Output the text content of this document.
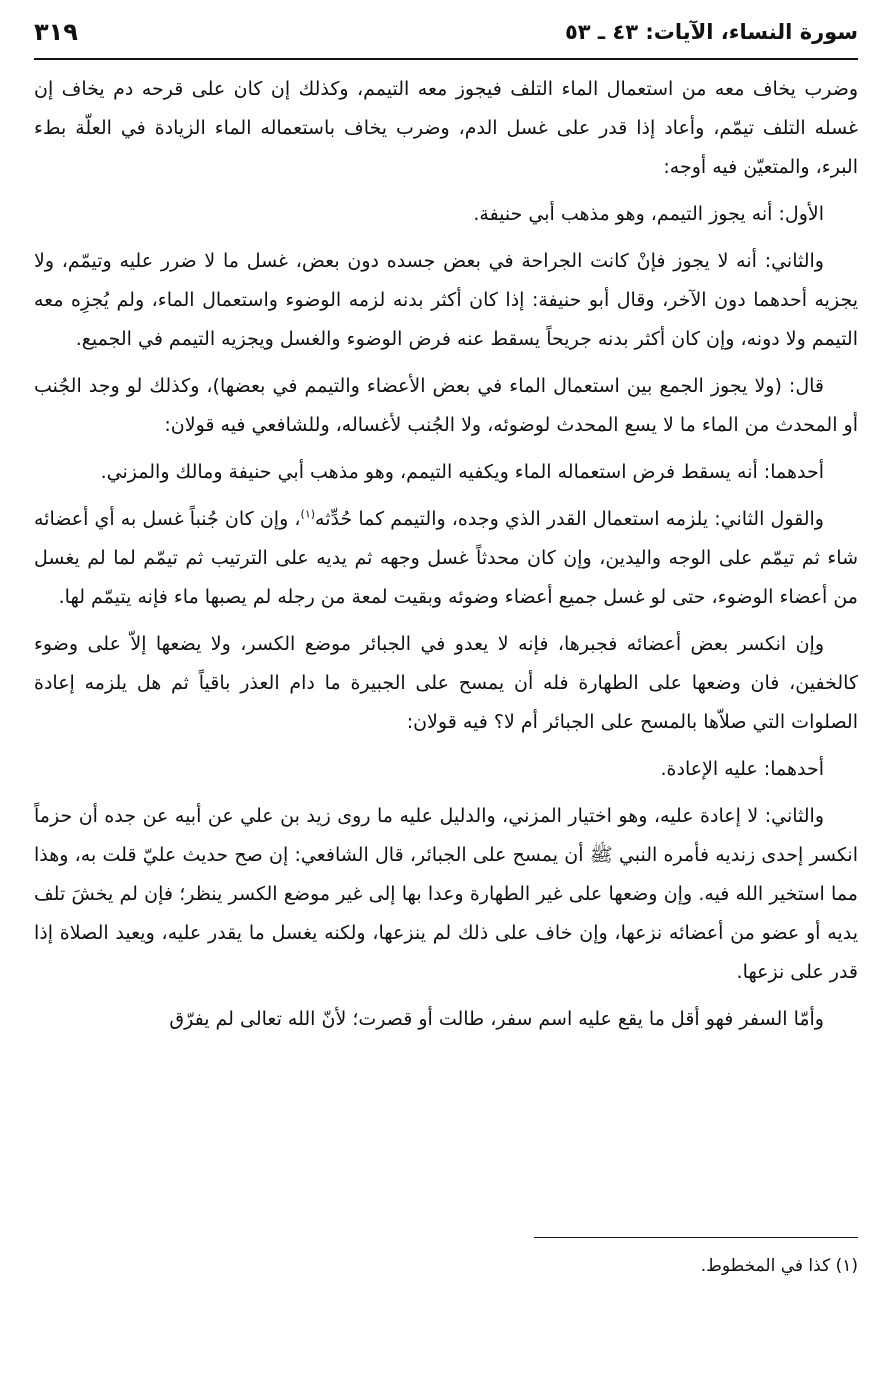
سورة النساء، الآيات: ٤٣ ـ ٥٣
٣١٩

وضرب يخاف معه من استعمال الماء التلف فيجوز معه التيمم، وكذلك إن كان على قرحه دم يخاف إن غسله التلف تيمّم، وأعاد إذا قدر على غسل الدم، وضرب يخاف باستعماله الماء الزيادة في العلّة بطء البرء، والمتعيّن فيه أوجه:

الأول: أنه يجوز التيمم، وهو مذهب أبي حنيفة.

والثاني: أنه لا يجوز فإنْ كانت الجراحة في بعض جسده دون بعض، غسل ما لا ضرر عليه وتيمّم، ولا يجزيه أحدهما دون الآخر، وقال أبو حنيفة: إذا كان أكثر بدنه لزمه الوضوء واستعمال الماء، ولم يُجزِه معه التيمم ولا دونه، وإن كان أكثر بدنه جريحاً يسقط عنه فرض الوضوء والغسل ويجزيه التيمم في الجميع.

قال: (ولا يجوز الجمع بين استعمال الماء في بعض الأعضاء والتيمم في بعضها)، وكذلك لو وجد الجُنب أو المحدث من الماء ما لا يسع المحدث لوضوئه، ولا الجُنب لأغساله، وللشافعي فيه قولان:

أحدهما: أنه يسقط فرض استعماله الماء ويكفيه التيمم، وهو مذهب أبي حنيفة ومالك والمزني.

والقول الثاني: يلزمه استعمال القدر الذي وجده، والتيمم كما حُدِّثه$^{(١)}$، وإن كان جُنباً غسل به أي أعضائه شاء ثم تيمّم على الوجه واليدين، وإن كان محدثاً غسل وجهه ثم يديه على الترتيب ثم تيمّم لما لم يغسل من أعضاء الوضوء، حتى لو غسل جميع أعضاء وضوئه وبقيت لمعة من رجله لم يصبها ماء فإنه يتيمّم لها.

وإن انكسر بعض أعضائه فجبرها، فإنه لا يعدو في الجبائر موضع الكسر، ولا يضعها إلاّ على وضوء كالخفين، فان وضعها على الطهارة فله أن يمسح على الجبيرة ما دام العذر باقياً ثم هل يلزمه إعادة الصلوات التي صلاّها بالمسح على الجبائر أم لا؟ فيه قولان:

أحدهما: عليه الإعادة.

والثاني: لا إعادة عليه، وهو اختيار المزني، والدليل عليه ما روى زيد بن علي عن أبيه عن جده أن حزماً انكسر إحدى زنديه فأمره النبي ﷺ أن يمسح على الجبائر، قال الشافعي: إن صح حديث عليّ قلت به، وهذا مما استخير الله فيه. وإن وضعها على غير الطهارة وعدا بها إلى غير موضع الكسر ينظر؛ فإن لم يخشَ تلف يديه أو عضو من أعضائه نزعها، وإن خاف على ذلك لم ينزعها، ولكنه يغسل ما يقدر عليه، ويعيد الصلاة إذا قدر على نزعها.

وأمّا السفر فهو أقل ما يقع عليه اسم سفر، طالت أو قصرت؛ لأنّ الله تعالى لم يفرّق

(١) كذا في المخطوط.
